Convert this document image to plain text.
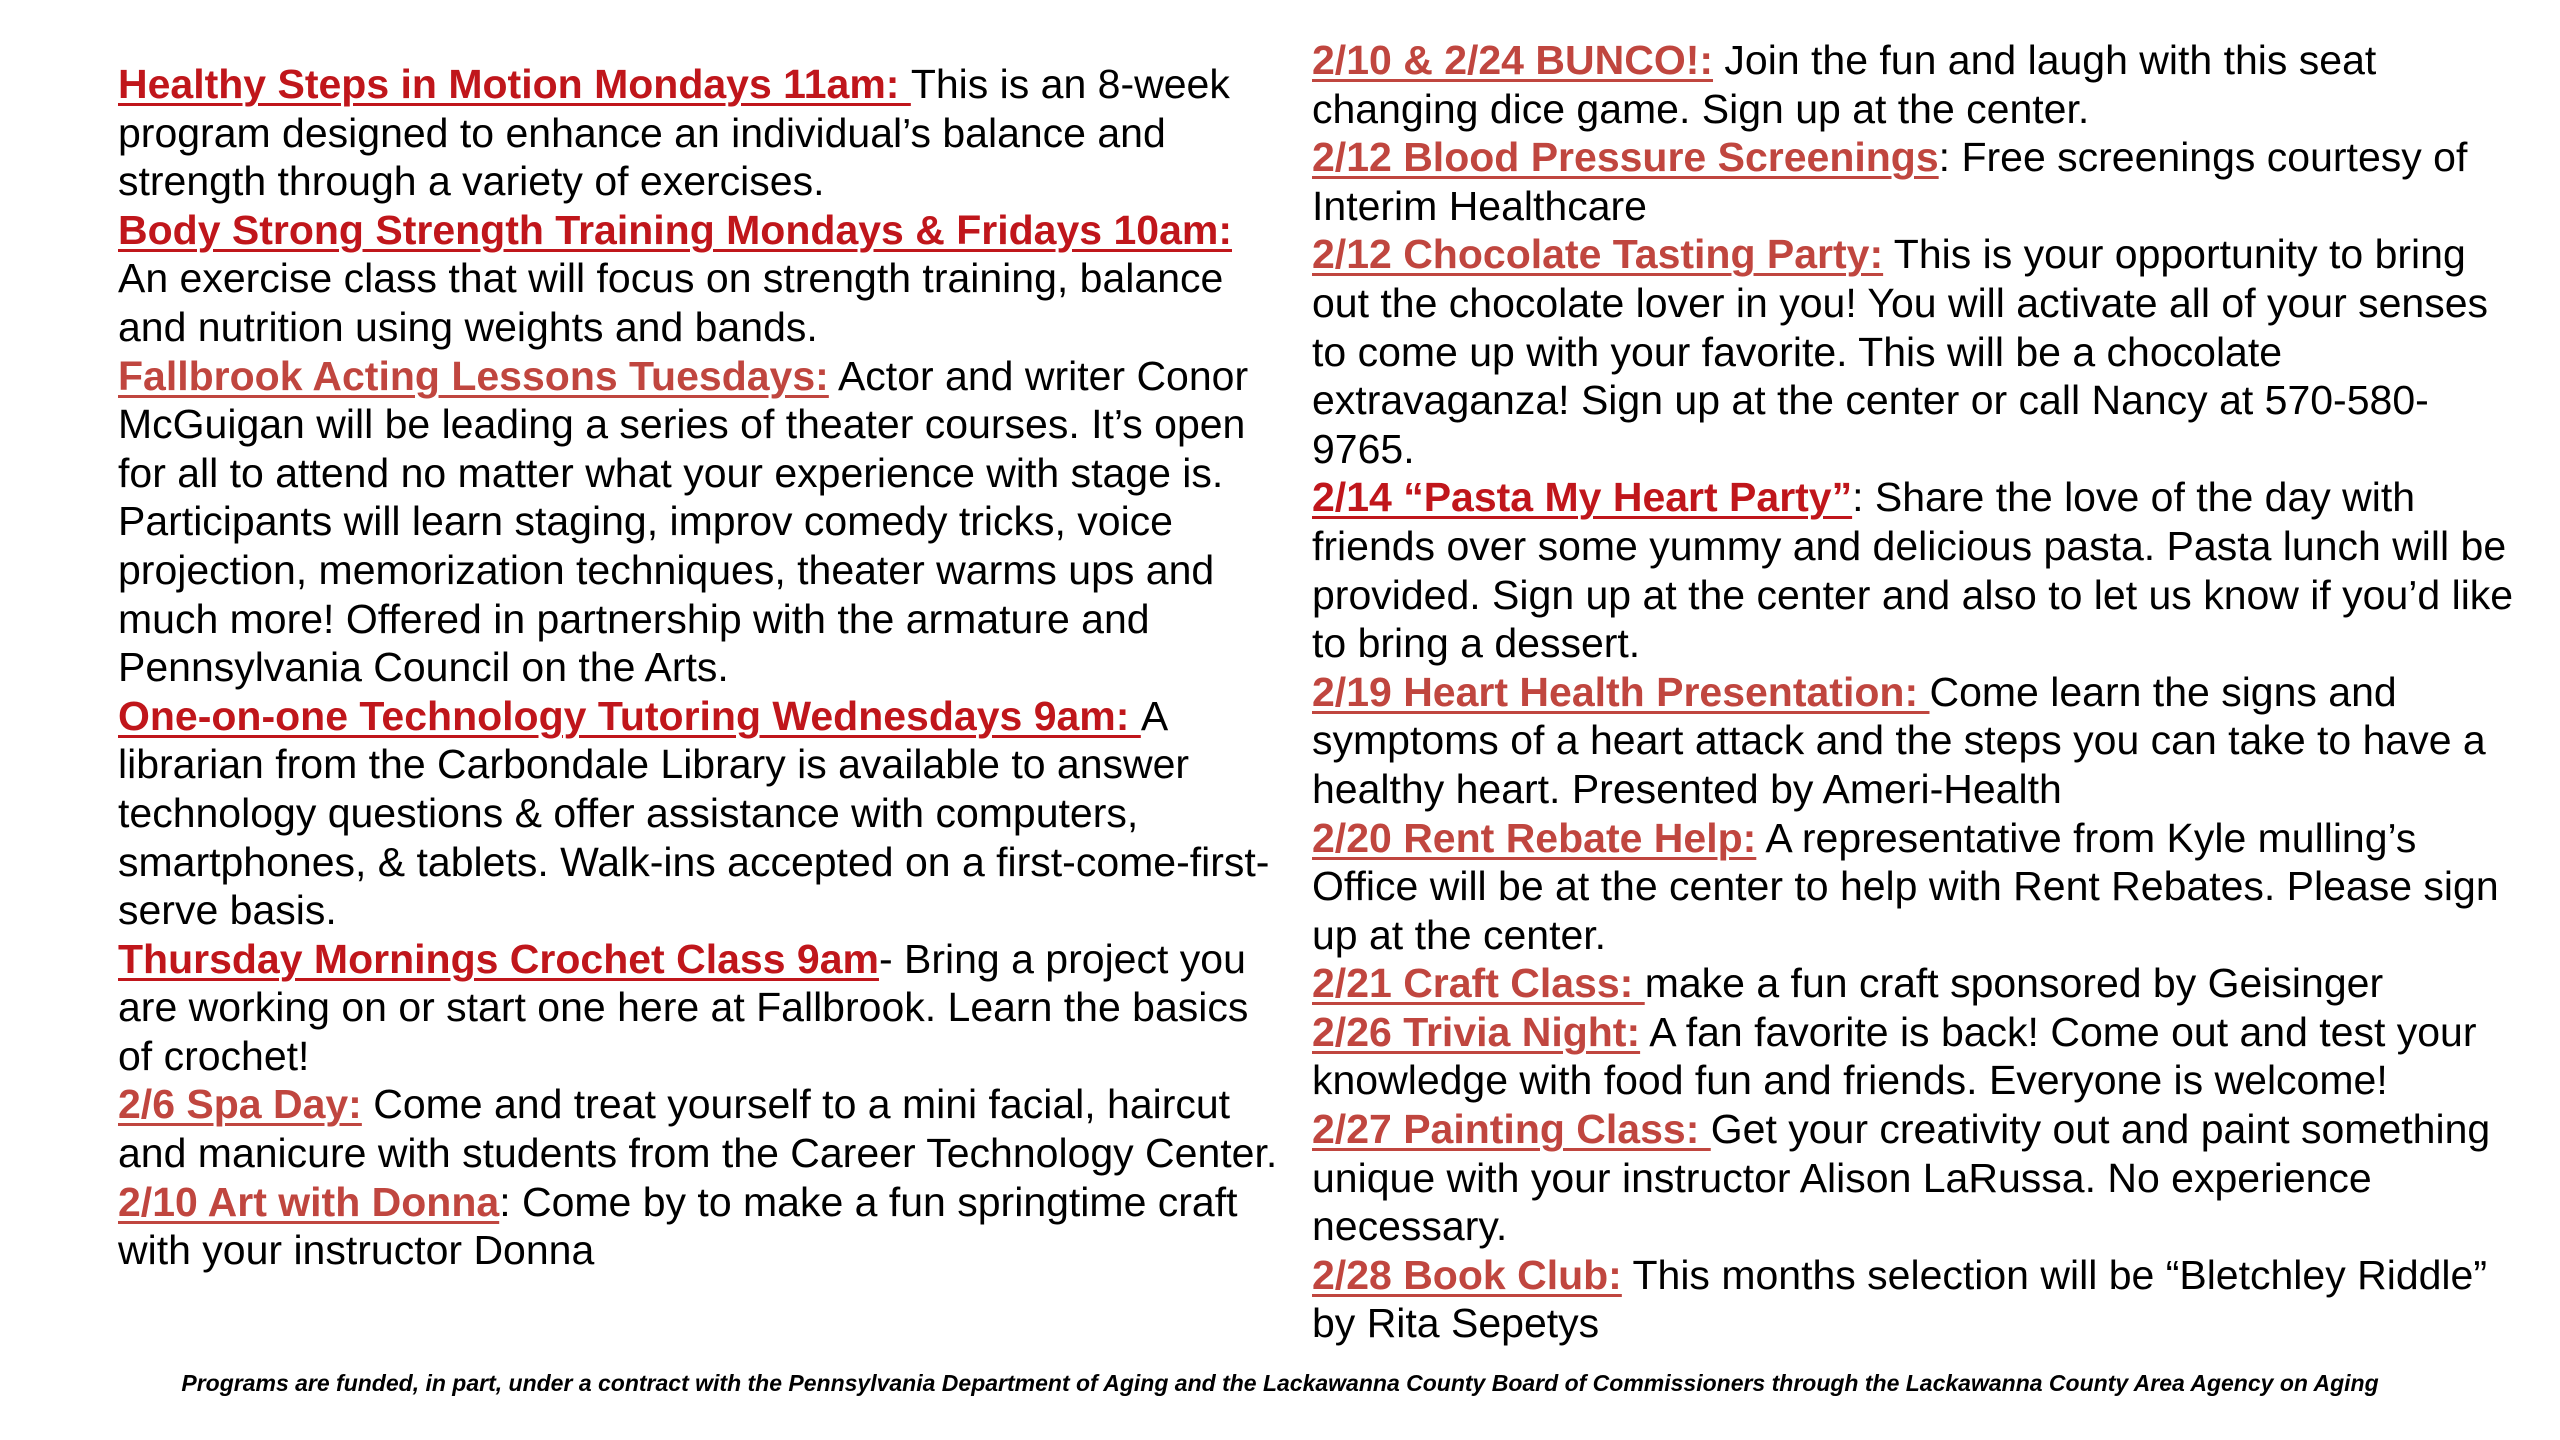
Healthy Steps in Motion Mondays 11am: This is an 8-week program designed to enhance an individual’s balance and strength through a variety of exercises.

Body Strong Strength Training Mondays & Fridays 10am: An exercise class that will focus on strength training, balance and nutrition using weights and bands.

Fallbrook Acting Lessons Tuesdays: Actor and writer Conor McGuigan will be leading a series of theater courses. It’s open for all to attend no matter what your experience with stage is. Participants will learn staging, improv comedy tricks, voice projection, memorization techniques, theater warms ups and much more! Offered in partnership with the armature and Pennsylvania Council on the Arts.

One-on-one Technology Tutoring Wednesdays 9am: A librarian from the Carbondale Library is available to answer technology questions & offer assistance with computers, smartphones, & tablets. Walk-ins accepted on a first-come-first-serve basis.

Thursday Mornings Crochet Class 9am- Bring a project you are working on or start one here at Fallbrook. Learn the basics of crochet!

2/6 Spa Day: Come and treat yourself to a mini facial, haircut and manicure with students from the Career Technology Center.

2/10 Art with Donna: Come by to make a fun springtime craft with your instructor Donna

2/10 & 2/24 BUNCO!: Join the fun and laugh with this seat changing dice game. Sign up at the center.

2/12 Blood Pressure Screenings: Free screenings courtesy of Interim Healthcare

2/12 Chocolate Tasting Party: This is your opportunity to bring out the chocolate lover in you! You will activate all of your senses to come up with your favorite. This will be a chocolate extravaganza! Sign up at the center or call Nancy at 570-580-9765.

2/14 “Pasta My Heart Party”: Share the love of the day with friends over some yummy and delicious pasta. Pasta lunch will be provided. Sign up at the center and also to let us know if you’d like to bring a dessert.

2/19 Heart Health Presentation: Come learn the signs and symptoms of a heart attack and the steps you can take to have a healthy heart. Presented by Ameri-Health

2/20 Rent Rebate Help: A representative from Kyle mulling’s Office will be at the center to help with Rent Rebates. Please sign up at the center.

2/21 Craft Class: make a fun craft sponsored by Geisinger

2/26 Trivia Night: A fan favorite is back! Come out and test your knowledge with food fun and friends. Everyone is welcome!

2/27 Painting Class: Get your creativity out and paint something unique with your instructor Alison LaRussa. No experience necessary.

2/28 Book Club: This months selection will be “Bletchley Riddle” by Rita Sepetys

Programs are funded, in part, under a contract with the Pennsylvania Department of Aging and the Lackawanna County Board of Commissioners through the Lackawanna County Area Agency on Aging
